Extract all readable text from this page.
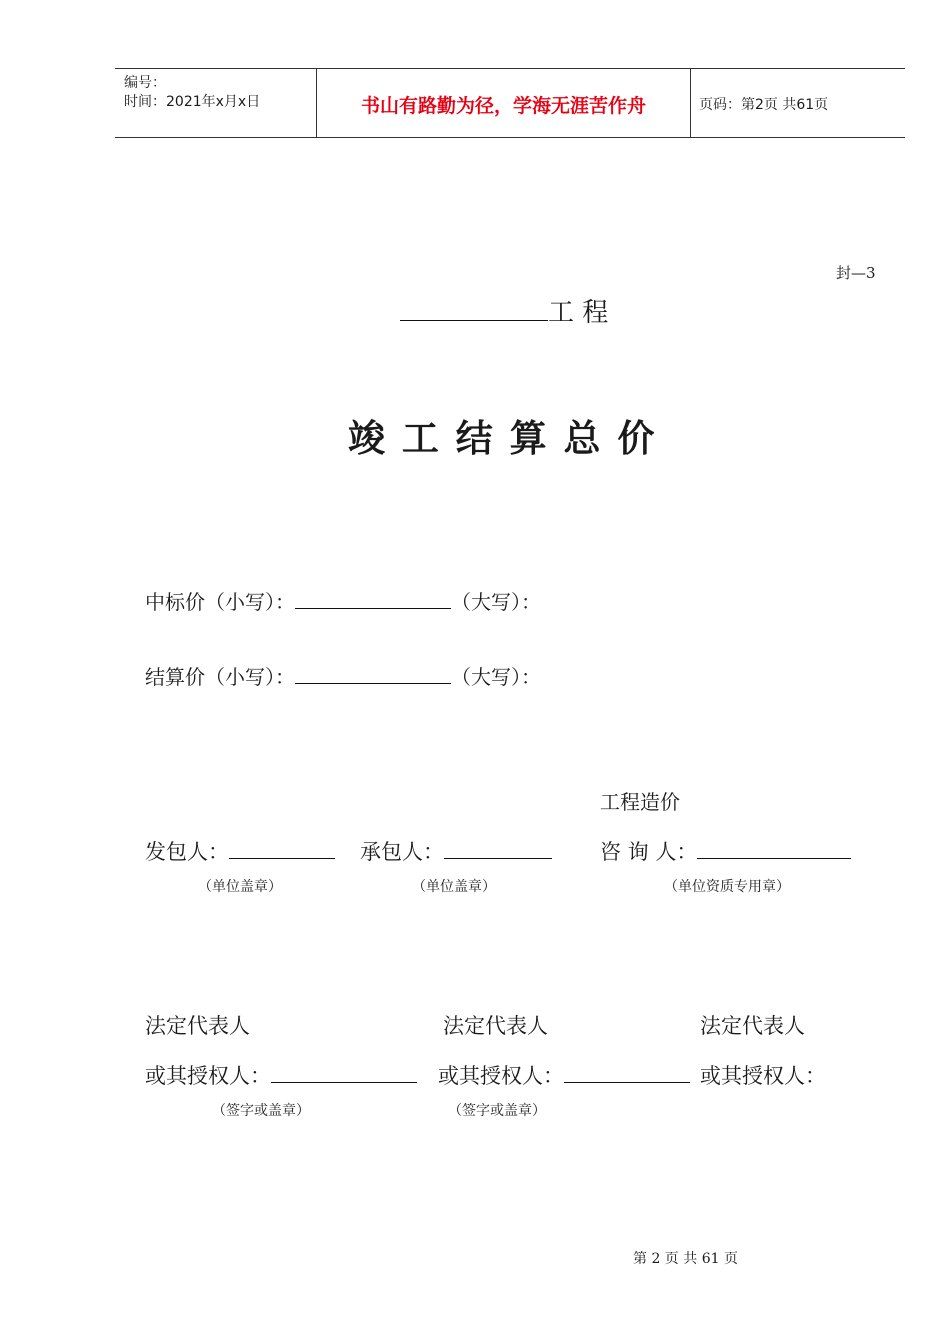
编号：
时间：2021年x月x日	书山有路勤为径，学海无涯苦作舟	页码：第2页 共61页
封—3
工 程
竣 工 结 算 总 价
中标价（小写）：	（大写）：
结算价（小写）：	（大写）：
工程造价
发包人：	承包人：	咨 询 人：
（单位盖章）	（单位盖章）	（单位资质专用章）
法定代表人	法定代表人	法定代表人
或其授权人：	或其授权人：	或其授权人：
（签字或盖章）	（签字或盖章）
第 2 页 共 61 页
